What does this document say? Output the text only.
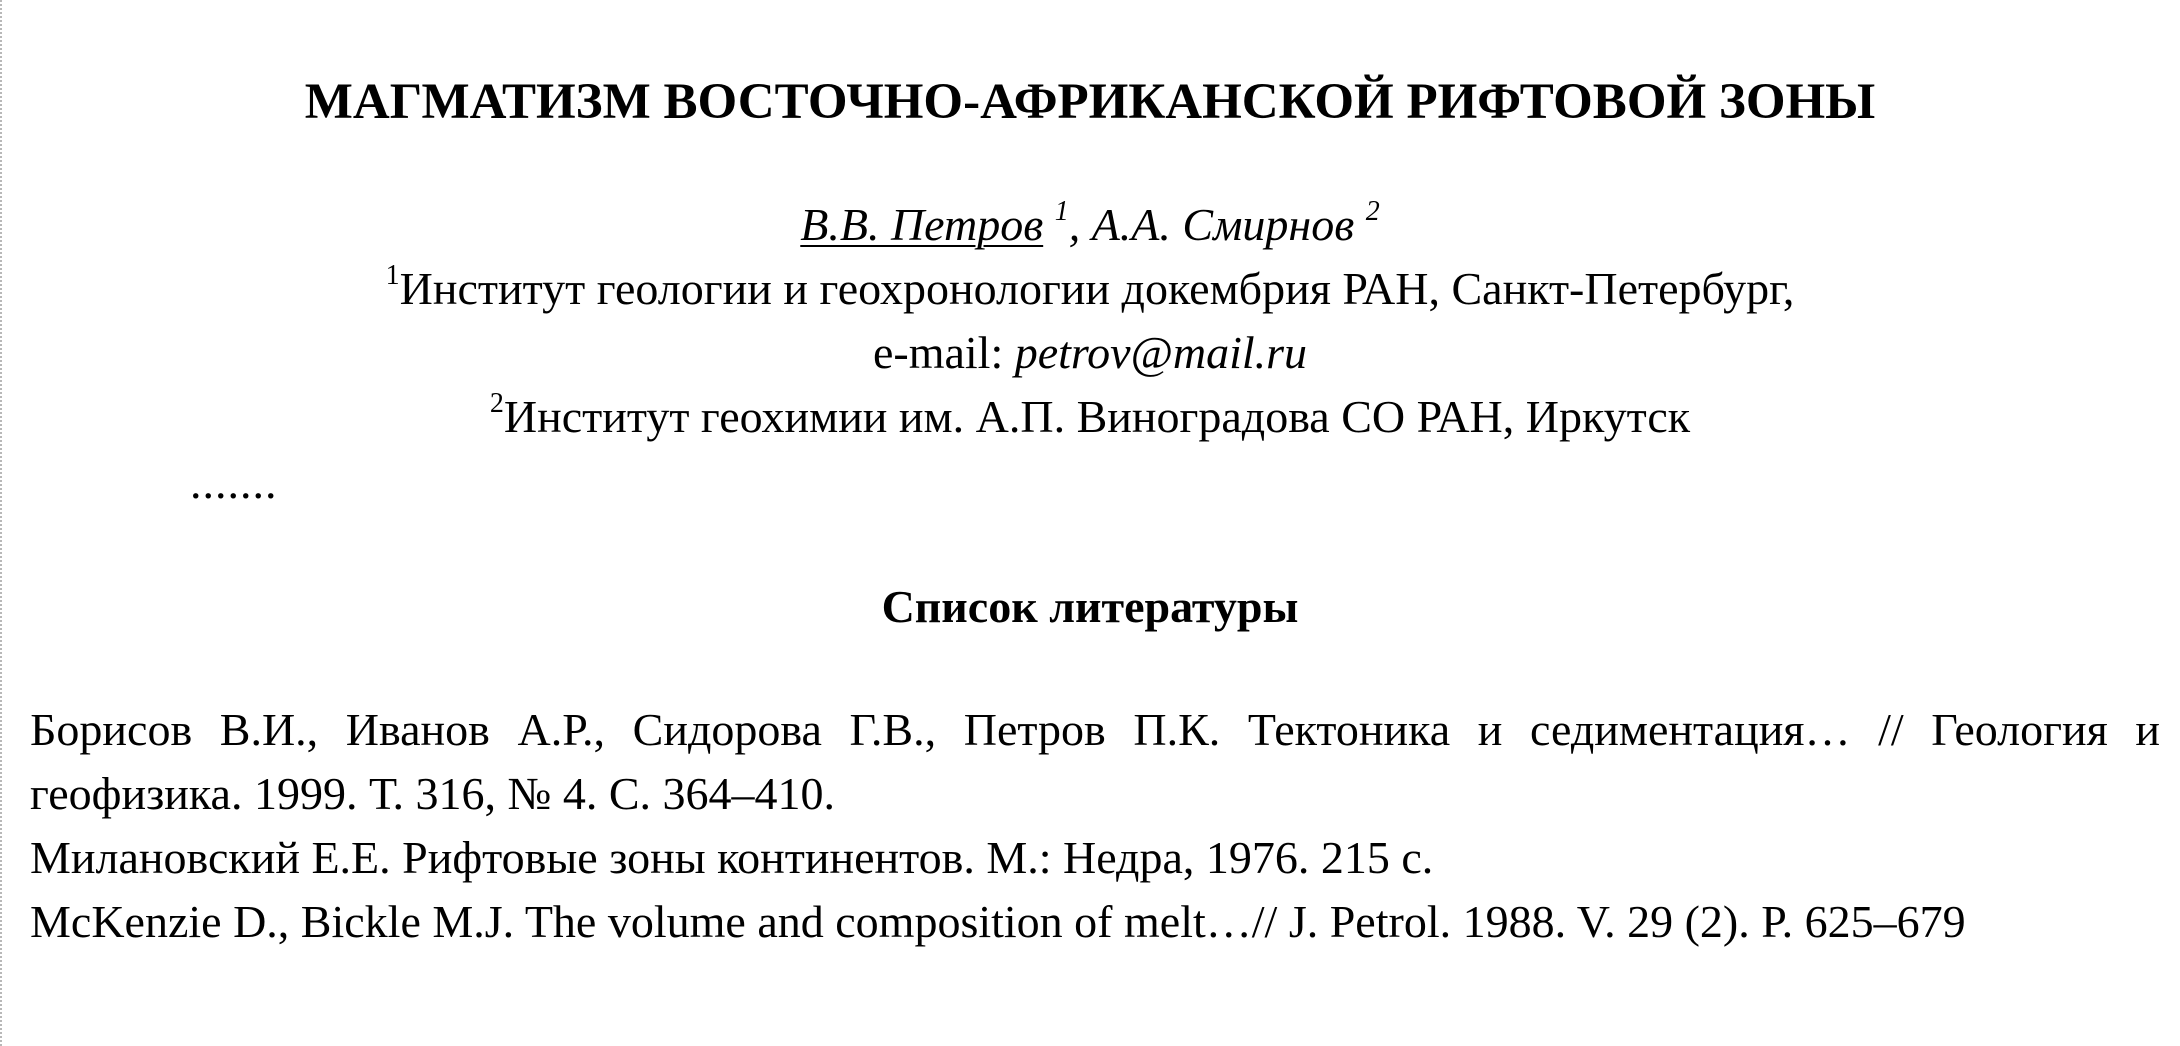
МАГМАТИЗМ ВОСТОЧНО-АФРИКАНСКОЙ РИФТОВОЙ ЗОНЫ
В.В. Петров $^1$, А.А. Смирнов $^2$
$^1$Институт геологии и геохронологии докембрия РАН, Санкт-Петербург,
e-mail: petrov@mail.ru
$^2$Институт геохимии им. А.П. Виноградова СО РАН, Иркутск
.......
Список литературы
Борисов В.И., Иванов А.Р., Сидорова Г.В., Петров П.К. Тектоника и седиментация… // Геология и геофизика. 1999. Т. 316, № 4. С. 364–410.
Милановский Е.Е. Рифтовые зоны континентов. М.: Недра, 1976. 215 с.
McKenzie D., Bickle M.J. The volume and composition of melt…// J. Petrol. 1988. V. 29 (2). P. 625–679
